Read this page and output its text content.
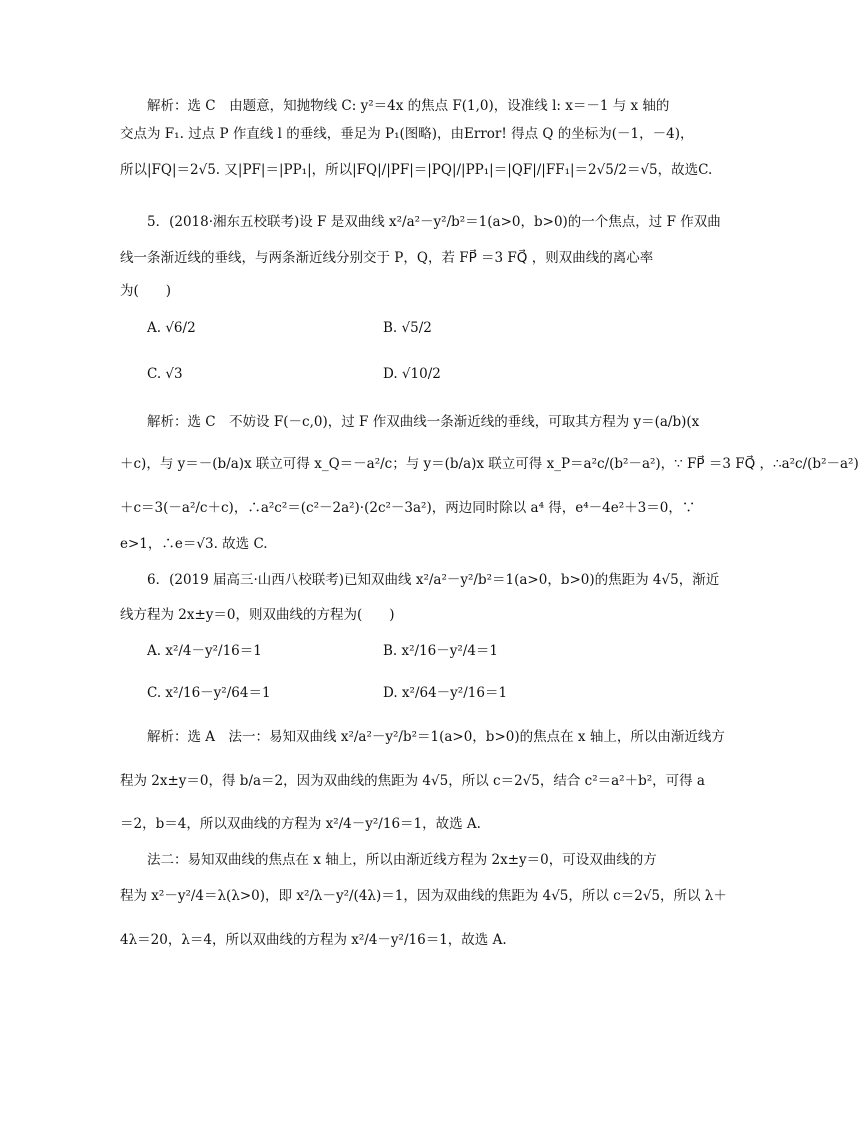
解析：选 C　由题意，知抛物线 C: y²＝4x 的焦点 F(1,0)，设准线 l: x＝－1 与 x 轴的
交点为 F₁. 过点 P 作直线 l 的垂线，垂足为 P₁(图略)，由Error! 得点 Q 的坐标为(－1，－4)，
所以|FQ|＝2√5. 又|PF|＝|PP₁|，所以|FQ|/|PF|＝|PQ|/|PP₁|＝|QF|/|FF₁|＝2√5/2＝√5，故选C.
5．(2018·湘东五校联考)设 F 是双曲线 x²/a²－y²/b²＝1(a>0，b>0)的一个焦点，过 F 作双曲
线一条渐近线的垂线，与两条渐近线分别交于 P，Q，若 FP⃗ ＝3 FQ⃗ ，则双曲线的离心率
为(　　)
A. √6/2	B. √5/2
C. √3	D. √10/2
解析：选 C　不妨设 F(－c,0)，过 F 作双曲线一条渐近线的垂线，可取其方程为 y＝(a/b)(x
＋c)，与 y＝－(b/a)x 联立可得 x_Q＝－a²/c；与 y＝(b/a)x 联立可得 x_P＝a²c/(b²－a²)，∵ FP⃗ ＝3 FQ⃗ ，∴a²c/(b²－a²)
＋c＝3(－a²/c＋c)，∴a²c²＝(c²－2a²)·(2c²－3a²)，两边同时除以 a⁴ 得，e⁴－4e²＋3＝0，∵
e>1，∴e＝√3. 故选 C.
6．(2019 届高三·山西八校联考)已知双曲线 x²/a²－y²/b²＝1(a>0，b>0)的焦距为 4√5，渐近
线方程为 2x±y＝0，则双曲线的方程为(　　)
A. x²/4－y²/16＝1	B. x²/16－y²/4＝1
C. x²/16－y²/64＝1	D. x²/64－y²/16＝1
解析：选 A　法一：易知双曲线 x²/a²－y²/b²＝1(a>0，b>0)的焦点在 x 轴上，所以由渐近线方
程为 2x±y＝0，得 b/a＝2，因为双曲线的焦距为 4√5，所以 c＝2√5，结合 c²＝a²＋b²，可得 a
＝2，b＝4，所以双曲线的方程为 x²/4－y²/16＝1，故选 A.
法二：易知双曲线的焦点在 x 轴上，所以由渐近线方程为 2x±y＝0，可设双曲线的方
程为 x²－y²/4＝λ(λ>0)，即 x²/λ－y²/(4λ)＝1，因为双曲线的焦距为 4√5，所以 c＝2√5，所以 λ＋
4λ＝20，λ＝4，所以双曲线的方程为 x²/4－y²/16＝1，故选 A.
